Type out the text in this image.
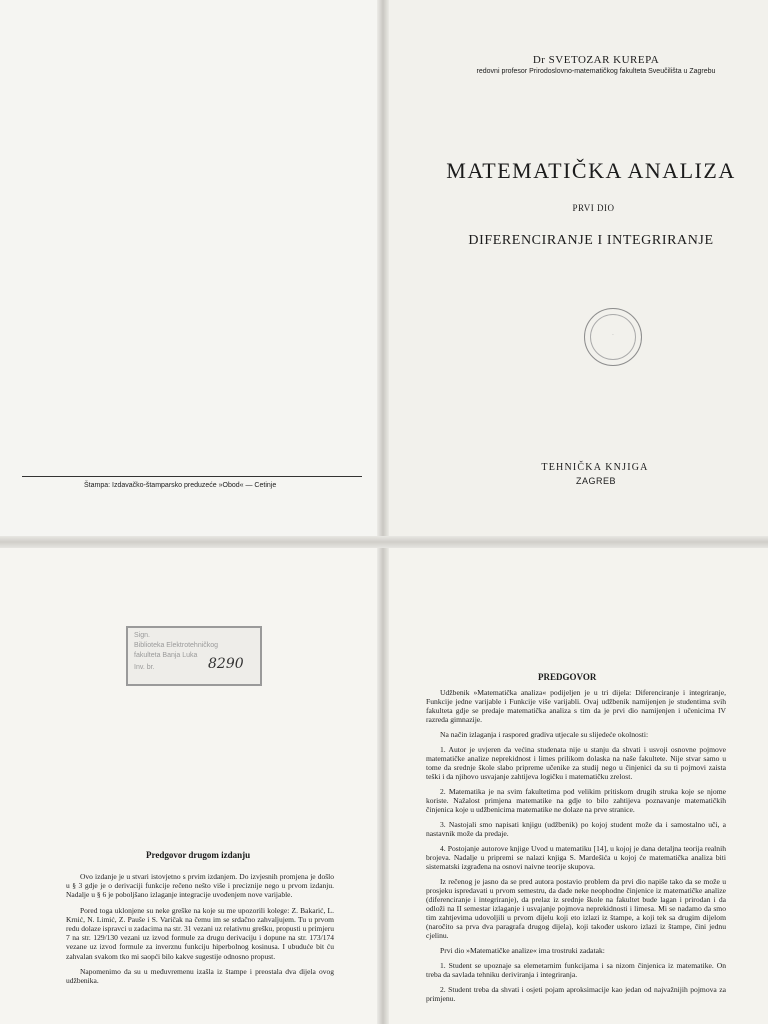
Štampa: Izdavačko-štamparsko preduzeće »Obod« — Cetinje
Dr SVETOZAR KUREPA
redovni profesor Prirodoslovno-matematičkog fakulteta Sveučilišta u Zagrebu
MATEMATIČKA ANALIZA
PRVI DIO
DIFERENCIRANJE I INTEGRIRANJE
·
TEHNIČKA KNJIGA
ZAGREB
Sign.
Biblioteka Elektrotehničkog
fakulteta Banja Luka
Inv. br.	8290
Predgovor drugom izdanju

Ovo izdanje je u stvari istovjetno s prvim izdanjem. Do izvjesnih promjena je došlo u § 3 gdje je o derivaciji funkcije rečeno nešto više i preciznije nego u prvom izdanju. Nadalje u § 6 je poboljšano izlaganje integracije uvođenjem nove varijable.

Pored toga uklonjene su neke greške na koje su me upozorili kolege: Z. Bakarić, L. Krnić, N. Limić, Z. Pauše i S. Varičak na čemu im se srdačno zahvaljujem. Tu u prvom redu dolaze ispravci u zadacima na str. 31 vezani uz relativnu grešku, propusti u primjeru 7 na str. 129/130 vezani uz izvod formule za drugu derivaciju i dopune na str. 173/174 vezane uz izvod formule za inverznu funkciju hiperbolnog kosinusa. I ubuduće bit ću zahvalan svakom tko mi saopći bilo kakve sugestije odnosno propust.

Napomenimo da su u međuvremenu izašla iz štampe i preostala dva dijela ovog udžbenika.

PREDGOVOR

Udžbenik »Matematička analiza« podijeljen je u tri dijela: Diferenciranje i integriranje, Funkcije jedne varijable i Funkcije više varijabli. Ovaj udžbenik namijenjen je studentima svih fakulteta gdje se predaje matematička analiza s tim da je prvi dio namijenjen i učenicima IV razreda gimnazije.

Na način izlaganja i raspored gradiva utjecale su slijedeće okolnosti:

1. Autor je uvjeren da većina studenata nije u stanju da shvati i usvoji osnovne pojmove matematičke analize neprekidnost i limes prilikom dolaska na naše fakultete. Nije stvar samo u tome da srednje škole slabo pripreme učenike za studij nego u činjenici da su ti pojmovi zaista teški i da njihovo usvajanje zahtijeva logičku i matematičku zrelost.

2. Matematika je na svim fakultetima pod velikim pritiskom drugih struka koje se njome koriste. Nažalost primjena matematike na gdje to bilo zahtijeva poznavanje matematičkih činjenica koje u udžbenicima matematike ne dolaze na prve stranice.

3. Nastojali smo napisati knjigu (udžbenik) po kojoj student može da i samostalno uči, a nastavnik može da predaje.

4. Postojanje autorove knjige Uvod u matematiku [14], u kojoj je dana detaljna teorija realnih brojeva. Nadalje u pripremi se nalazi knjiga S. Mardešića u kojoj će matematička analiza biti sistematski izgrađena na osnovi naivne teorije skupova.

Iz rečenog je jasno da se pred autora postavio problem da prvi dio napiše tako da se može u prosjeku ispredavati u prvom semestru, da dade neke neophodne činjenice iz matematičke analize (diferenciranje i integriranje), da prelaz iz srednje škole na fakultet bude lagan i prirodan i da odloži na II semestar izlaganje i usvajanje pojmova neprekidnosti i limesa. Mi se nadamo da smo tim zahtjevima udovoljili u prvom dijelu koji eto izlazi iz štampe, a koji tek sa drugim dijelom (naročito sa prva dva paragrafa drugog dijela), koji također uskoro izlazi iz štampe, čini jednu cjelinu.

Prvi dio »Matematičke analize« ima trostruki zadatak:

1. Student se upoznaje sa elemetarnim funkcijama i sa nizom činjenica iz matematike. On treba da savlada tehniku deriviranja i integriranja.

2. Student treba da shvati i osjeti pojam aproksimacije kao jedan od najvažnijih pojmova za primjenu.
